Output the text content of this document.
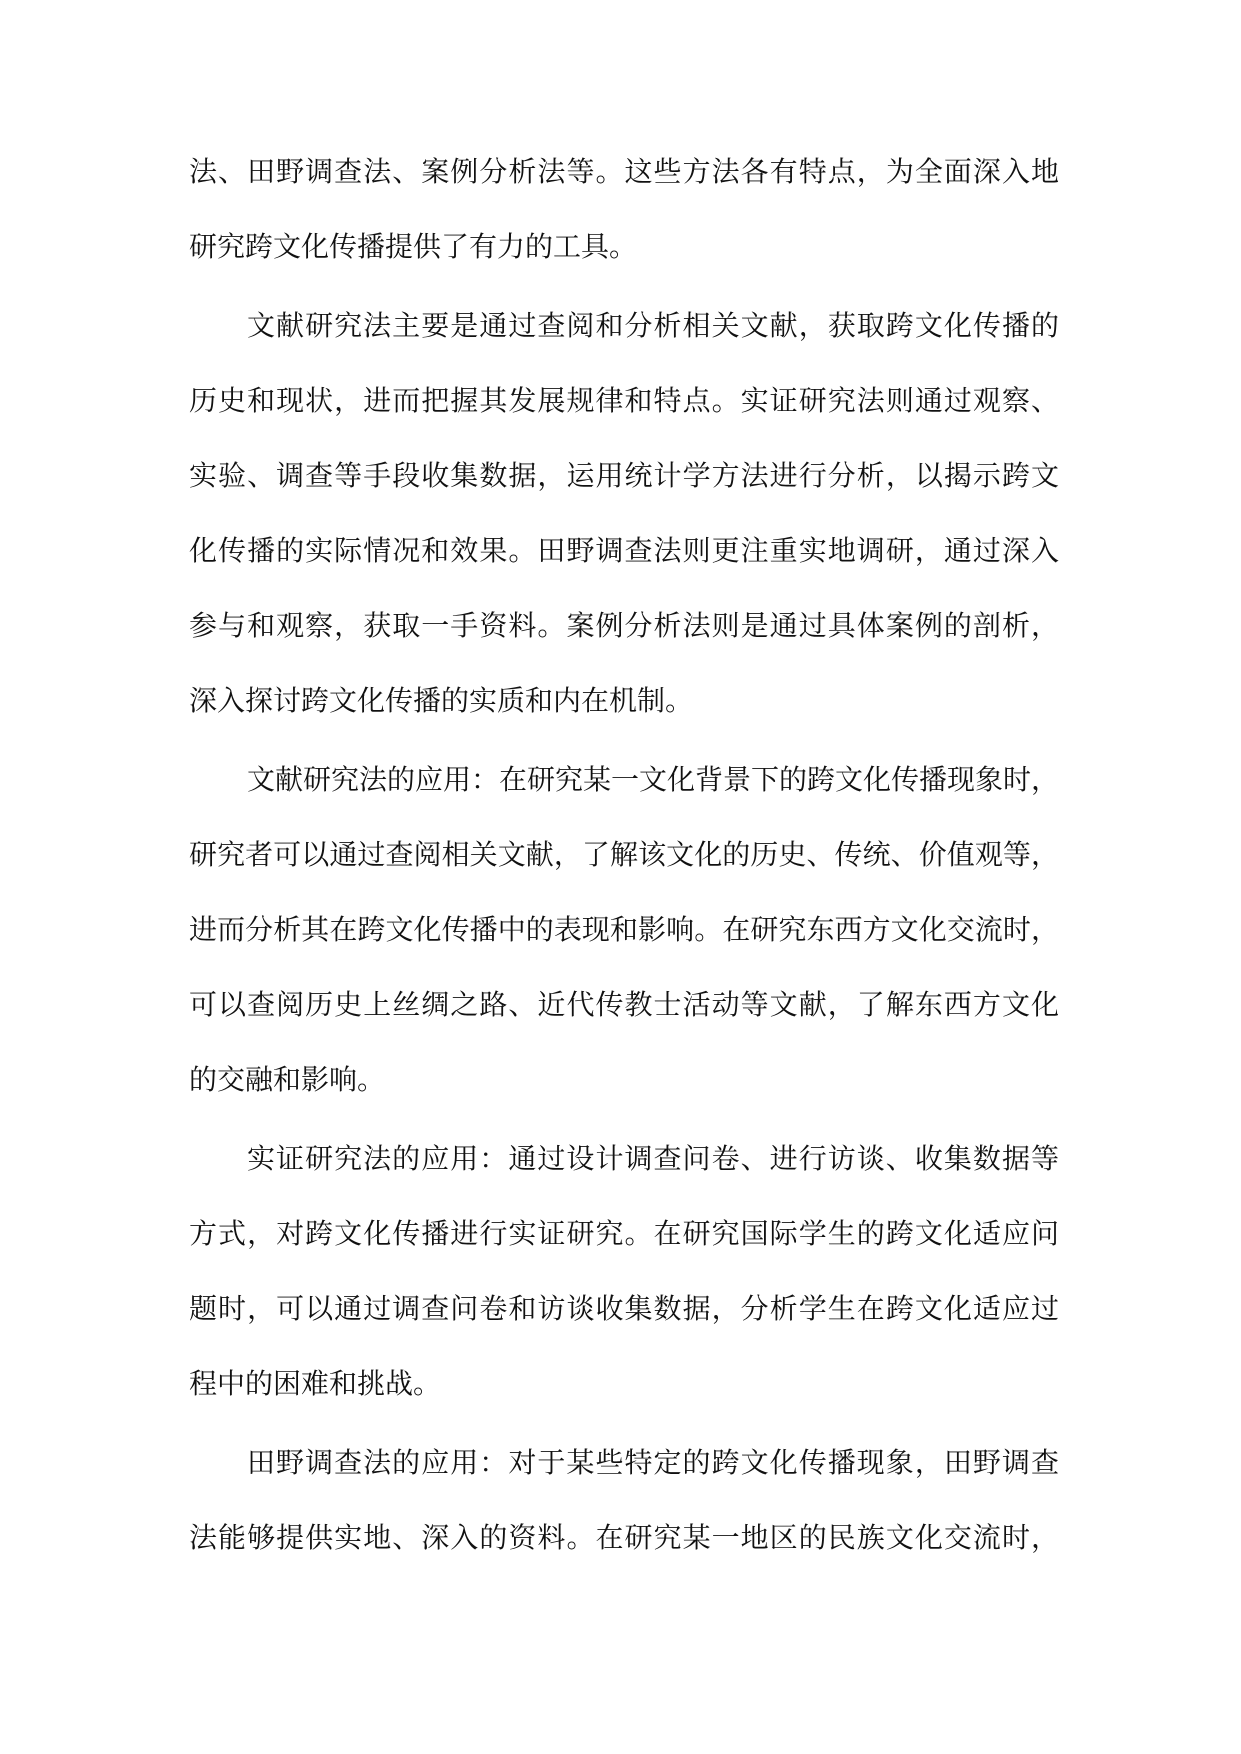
法、田野调查法、案例分析法等。这些方法各有特点，为全面深入地
研究跨文化传播提供了有力的工具。
文献研究法主要是通过查阅和分析相关文献，获取跨文化传播的
历史和现状，进而把握其发展规律和特点。实证研究法则通过观察、
实验、调查等手段收集数据，运用统计学方法进行分析，以揭示跨文
化传播的实际情况和效果。田野调查法则更注重实地调研，通过深入
参与和观察，获取一手资料。案例分析法则是通过具体案例的剖析，
深入探讨跨文化传播的实质和内在机制。
文献研究法的应用：在研究某一文化背景下的跨文化传播现象时，
研究者可以通过查阅相关文献，了解该文化的历史、传统、价值观等，
进而分析其在跨文化传播中的表现和影响。在研究东西方文化交流时，
可以查阅历史上丝绸之路、近代传教士活动等文献，了解东西方文化
的交融和影响。
实证研究法的应用：通过设计调查问卷、进行访谈、收集数据等
方式，对跨文化传播进行实证研究。在研究国际学生的跨文化适应问
题时，可以通过调查问卷和访谈收集数据，分析学生在跨文化适应过
程中的困难和挑战。
田野调查法的应用：对于某些特定的跨文化传播现象，田野调查
法能够提供实地、深入的资料。在研究某一地区的民族文化交流时，
